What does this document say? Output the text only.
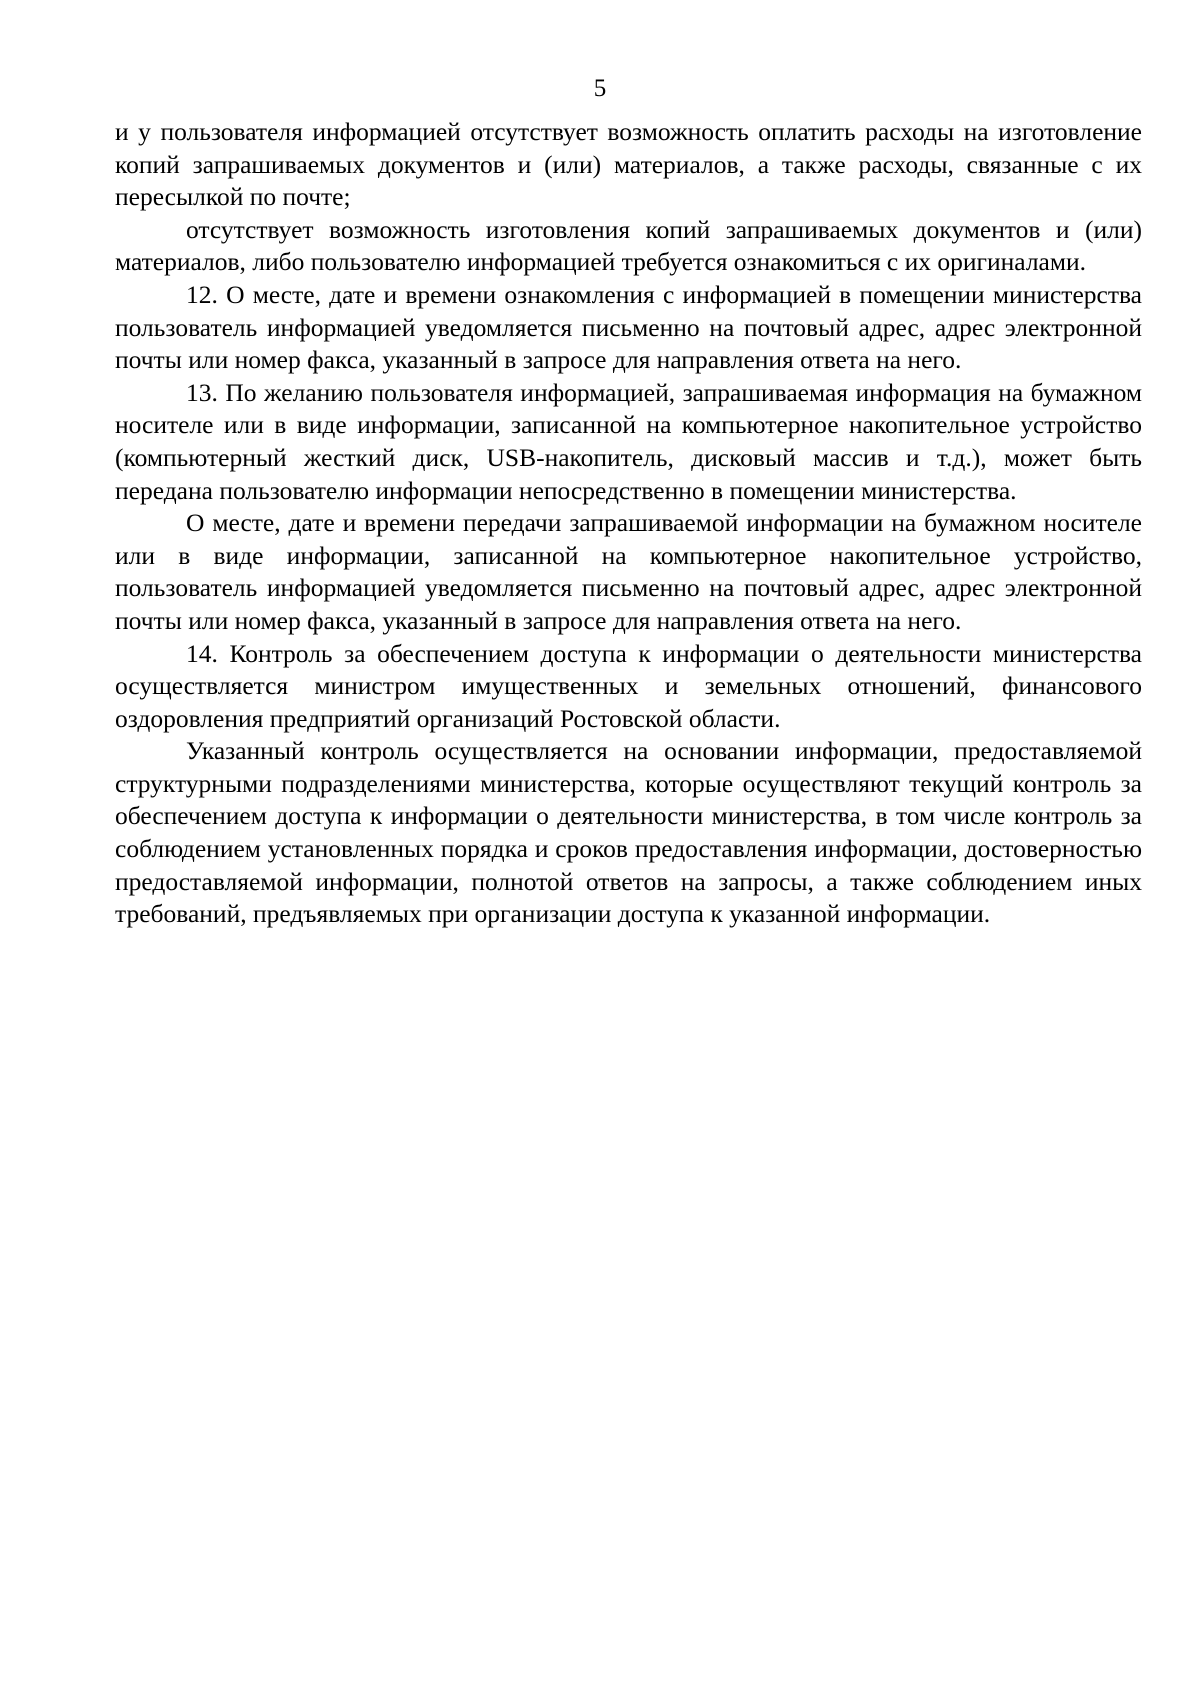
5

и у пользователя информацией отсутствует возможность оплатить расходы на изготовление копий запрашиваемых документов и (или) материалов, а также расходы, связанные с их пересылкой по почте;

отсутствует возможность изготовления копий запрашиваемых документов и (или) материалов, либо пользователю информацией требуется ознакомиться с их оригиналами.

12. О месте, дате и времени ознакомления с информацией в помещении министерства пользователь информацией уведомляется письменно на почтовый адрес, адрес электронной почты или номер факса, указанный в запросе для направления ответа на него.

13. По желанию пользователя информацией, запрашиваемая информация на бумажном носителе или в виде информации, записанной на компьютерное накопительное устройство (компьютерный жесткий диск, USB-накопитель, дисковый массив и т.д.), может быть передана пользователю информации непосредственно в помещении министерства.

О месте, дате и времени передачи запрашиваемой информации на бумажном носителе или в виде информации, записанной на компьютерное накопительное устройство, пользователь информацией уведомляется письменно на почтовый адрес, адрес электронной почты или номер факса, указанный в запросе для направления ответа на него.

14. Контроль за обеспечением доступа к информации о деятельности министерства осуществляется министром имущественных и земельных отношений, финансового оздоровления предприятий организаций Ростовской области.

Указанный контроль осуществляется на основании информации, предоставляемой структурными подразделениями министерства, которые осуществляют текущий контроль за обеспечением доступа к информации о деятельности министерства, в том числе контроль за соблюдением установленных порядка и сроков предоставления информации, достоверностью предоставляемой информации, полнотой ответов на запросы, а также соблюдением иных требований, предъявляемых при организации доступа к указанной информации.
